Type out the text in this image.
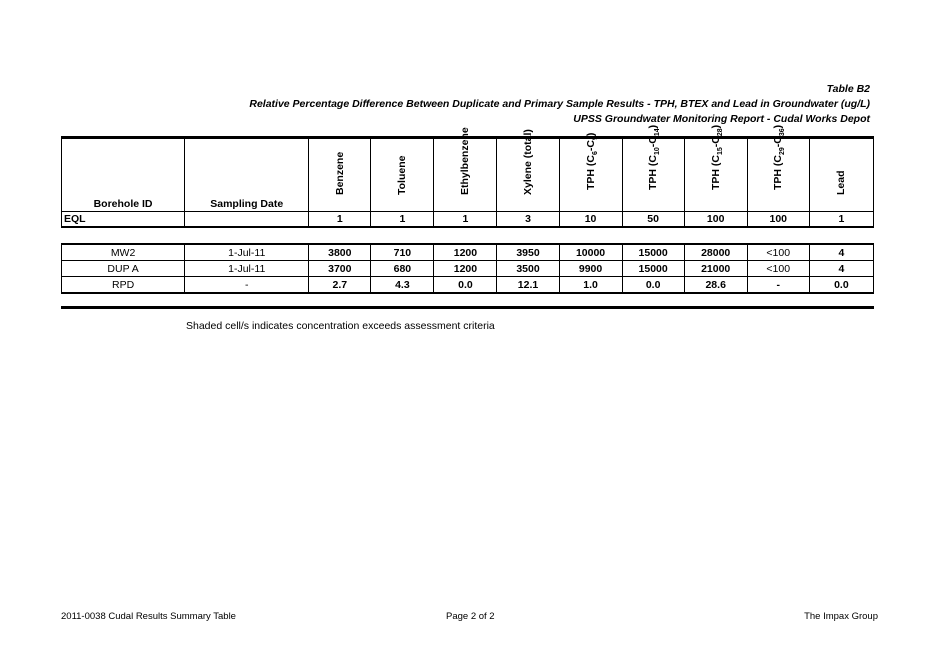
Table B2
Relative Percentage Difference Between Duplicate and Primary Sample Results - TPH, BTEX and Lead in Groundwater (ug/L)
UPSS Groundwater Monitoring Report - Cudal Works Depot
Borehole ID	Sampling Date	Benzene	Toluene	Ethylbenzene	Xylene (total)	TPH $(C_6-C_9)$	TPH $(C_{10}-C_{14})$	TPH $(C_{15}-C_{28})$	TPH $(C_{29}-C_{36})$	Lead

EQL		1	1	1	3	10	50	100	100	1
MW2	1-Jul-11	3800	710	1200	3950	10000	15000	28000	<100	4
DUP A	1-Jul-11	3700	680	1200	3500	9900	15000	21000	<100	4
RPD	-	2.7	4.3	0.0	12.1	1.0	0.0	28.6	-	0.0
Shaded cell/s indicates concentration exceeds assessment criteria
2011-0038 Cudal Results Summary Table	Page 2 of 2	The Impax Group
